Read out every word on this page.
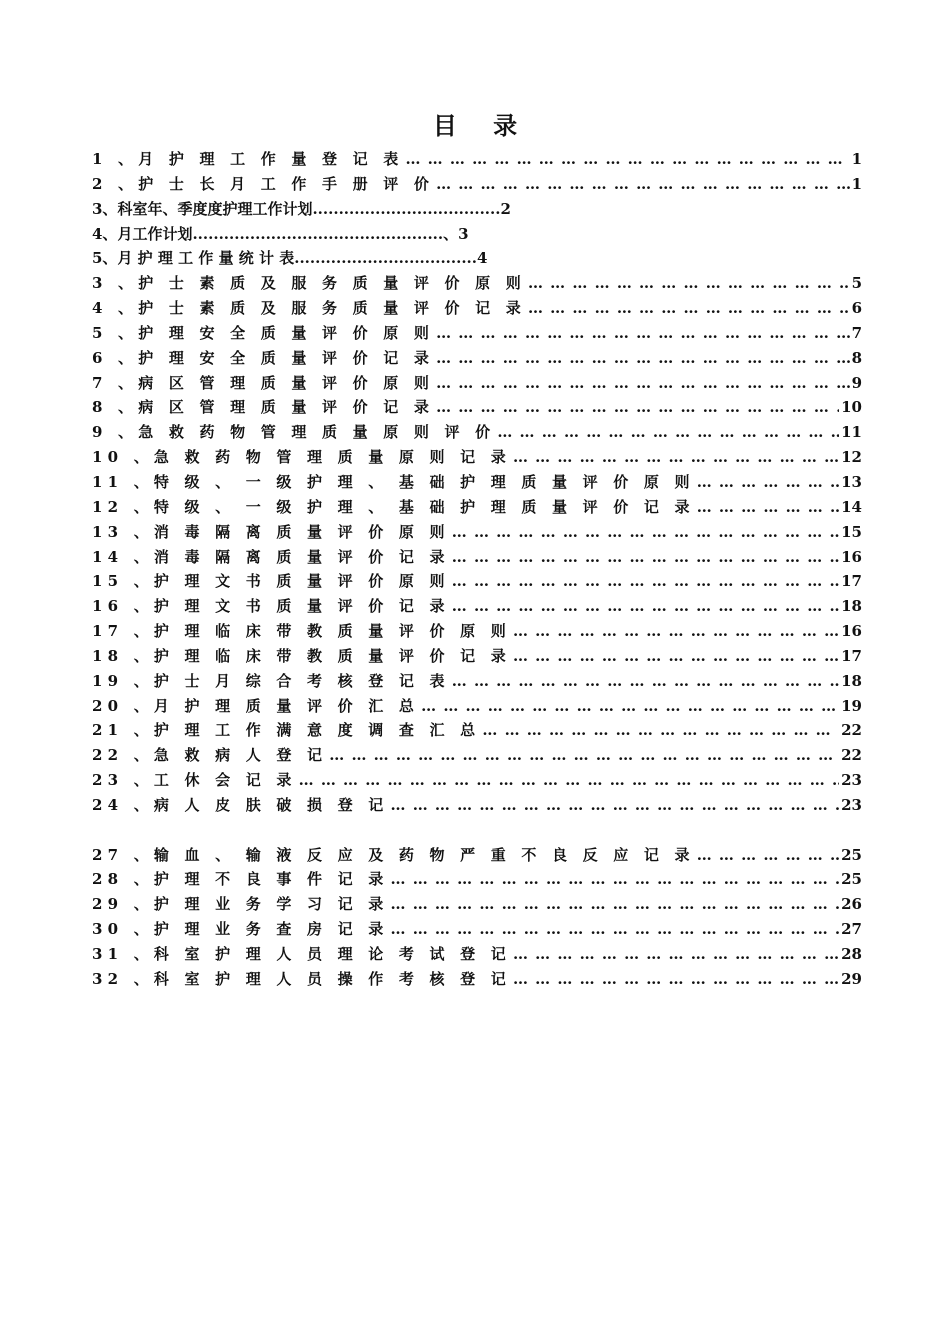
目 录
1 、 月 护 理 工 作 量 登 记 表 … … … … … … … … … … … … … … … … … … … … … … … … … … … … … … … … … … … … … … … … … … … …	1
2 、 护 士 长 月 工 作 手 册 评 价 … … … … … … … … … … … … … … … … … … … … … … … … … … … … … … … … … … … … … … … … … … … …	1
3、 科室年、季度度护理工作计划 .................................... 2
4、 月工作计划 ................................................ 、3
5、 月 护 理 工 作 量 统 计 表 ................................... 4
3 、 护 士 素 质 及 服 务 质 量 评 价 原 则 … … … … … … … … … … … … … … … … … … … … … … … … … … … … … … … … … … … … … … … … … … … …	5
4 、 护 士 素 质 及 服 务 质 量 评 价 记 录 … … … … … … … … … … … … … … … … … … … … … … … … … … … … … … … … … … … … … … … … … … … …	6
5 、 护 理 安 全 质 量 评 价 原 则 … … … … … … … … … … … … … … … … … … … … … … … … … … … … … … … … … … … … … … … … … … … …	7
6 、 护 理 安 全 质 量 评 价 记 录 … … … … … … … … … … … … … … … … … … … … … … … … … … … … … … … … … … … … … … … … … … … …	8
7 、 病 区 管 理 质 量 评 价 原 则 … … … … … … … … … … … … … … … … … … … … … … … … … … … … … … … … … … … … … … … … … … … …	9
8 、 病 区 管 理 质 量 评 价 记 录 … … … … … … … … … … … … … … … … … … … … … … … … … … … … … … … … … … … … … … … … … … … …	10
9 、 急 救 药 物 管 理 质 量 原 则 评 价 … … … … … … … … … … … … … … … … … … … … … … … … … … … … … … … … … … … … … … … … … … … …	11
10 、 急 救 药 物 管 理 质 量 原 则 记 录 … … … … … … … … … … … … … … … … … … … … … … … … … … … … … … … … … … … … … … … … … … … …	12
11 、 特 级 、 一 级 护 理 、 基 础 护 理 质 量 评 价 原 则 … … … … … … … … … … … … … … … … … … … … … … … … … … … … … … … … … … … … … … … … … … … …	13
12 、 特 级 、 一 级 护 理 、 基 础 护 理 质 量 评 价 记 录 … … … … … … … … … … … … … … … … … … … … … … … … … … … … … … … … … … … … … … … … … … … …	14
13 、 消 毒 隔 离 质 量 评 价 原 则 … … … … … … … … … … … … … … … … … … … … … … … … … … … … … … … … … … … … … … … … … … … …	15
14 、 消 毒 隔 离 质 量 评 价 记 录 … … … … … … … … … … … … … … … … … … … … … … … … … … … … … … … … … … … … … … … … … … … …	16
15 、 护 理 文 书 质 量 评 价 原 则 … … … … … … … … … … … … … … … … … … … … … … … … … … … … … … … … … … … … … … … … … … … …	17
16 、 护 理 文 书 质 量 评 价 记 录 … … … … … … … … … … … … … … … … … … … … … … … … … … … … … … … … … … … … … … … … … … … …	18
17 、 护 理 临 床 带 教 质 量 评 价 原 则 … … … … … … … … … … … … … … … … … … … … … … … … … … … … … … … … … … … … … … … … … … … …	16
18 、 护 理 临 床 带 教 质 量 评 价 记 录 … … … … … … … … … … … … … … … … … … … … … … … … … … … … … … … … … … … … … … … … … … … …	17
19 、 护 士 月 综 合 考 核 登 记 表 … … … … … … … … … … … … … … … … … … … … … … … … … … … … … … … … … … … … … … … … … … … …	18
20 、 月 护 理 质 量 评 价 汇 总 … … … … … … … … … … … … … … … … … … … … … … … … … … … … … … … … … … … … … … … … … … … …	19
21 、 护 理 工 作 满 意 度 调 查 汇 总 … … … … … … … … … … … … … … … … … … … … … … … … … … … … … … … … … … … … … … … … … … … …	22
22 、 急 救 病 人 登 记 … … … … … … … … … … … … … … … … … … … … … … … … … … … … … … … … … … … … … … … … … … … …	22
23 、 工 休 会 记 录 … … … … … … … … … … … … … … … … … … … … … … … … … … … … … … … … … … … … … … … … … … … …	23
24 、 病 人 皮 肤 破 损 登 记 … … … … … … … … … … … … … … … … … … … … … … … … … … … … … … … … … … … … … … … … … … … …	23
27 、 输 血 、 输 液 反 应 及 药 物 严 重 不 良 反 应 记 录 … … … … … … … … … … … … … … … … … … … … … … … … … … … … … … … … … … … … … … … … … … … …	25
28 、 护 理 不 良 事 件 记 录 … … … … … … … … … … … … … … … … … … … … … … … … … … … … … … … … … … … … … … … … … … … …	25
29 、 护 理 业 务 学 习 记 录 … … … … … … … … … … … … … … … … … … … … … … … … … … … … … … … … … … … … … … … … … … … …	26
30 、 护 理 业 务 查 房 记 录 … … … … … … … … … … … … … … … … … … … … … … … … … … … … … … … … … … … … … … … … … … … …	27
31 、 科 室 护 理 人 员 理 论 考 试 登 记 … … … … … … … … … … … … … … … … … … … … … … … … … … … … … … … … … … … … … … … … … … … …	28
32 、 科 室 护 理 人 员 操 作 考 核 登 记 … … … … … … … … … … … … … … … … … … … … … … … … … … … … … … … … … … … … … … … … … … … …	29
